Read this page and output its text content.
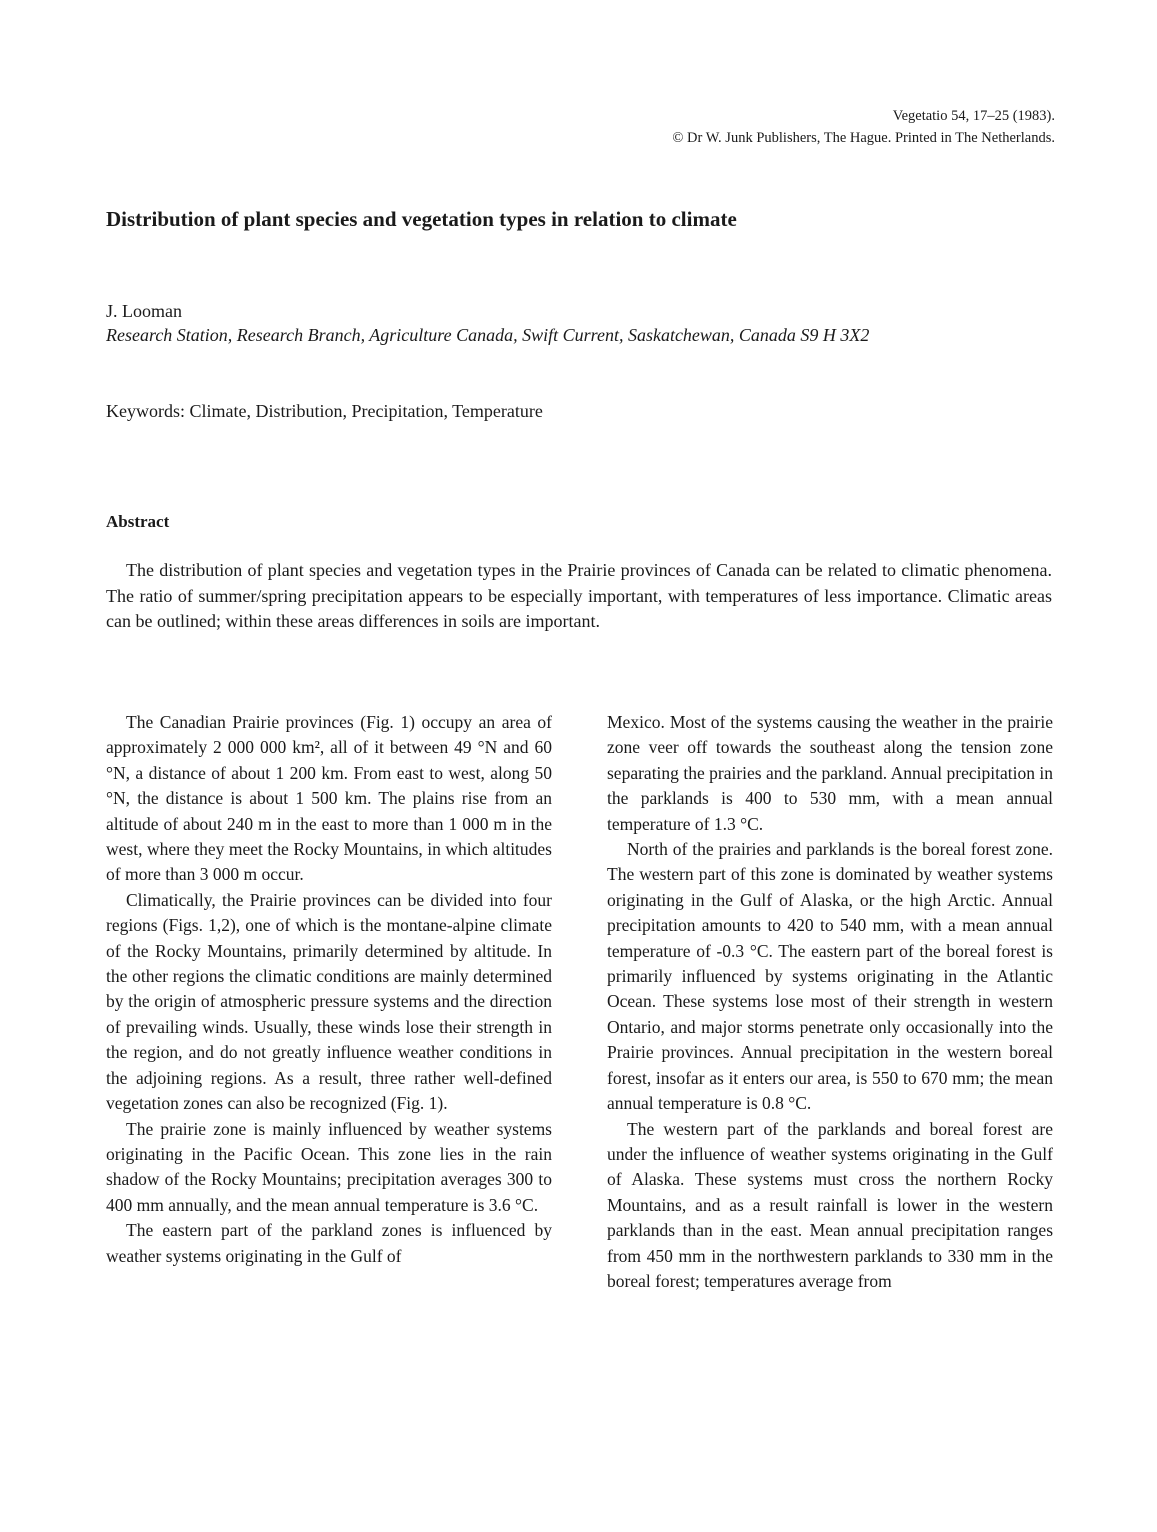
Vegetatio 54, 17–25 (1983).
© Dr W. Junk Publishers, The Hague. Printed in The Netherlands.
Distribution of plant species and vegetation types in relation to climate
J. Looman
Research Station, Research Branch, Agriculture Canada, Swift Current, Saskatchewan, Canada S9 H 3X2
Keywords: Climate, Distribution, Precipitation, Temperature
Abstract

The distribution of plant species and vegetation types in the Prairie provinces of Canada can be related to climatic phenomena. The ratio of summer/spring precipitation appears to be especially important, with temperatures of less importance. Climatic areas can be outlined; within these areas differences in soils are important.

The Canadian Prairie provinces (Fig. 1) occupy an area of approximately 2 000 000 km², all of it between 49 °N and 60 °N, a distance of about 1 200 km. From east to west, along 50 °N, the distance is about 1 500 km. The plains rise from an altitude of about 240 m in the east to more than 1 000 m in the west, where they meet the Rocky Mountains, in which altitudes of more than 3 000 m occur.

Climatically, the Prairie provinces can be divided into four regions (Figs. 1,2), one of which is the montane-alpine climate of the Rocky Mountains, primarily determined by altitude. In the other regions the climatic conditions are mainly determined by the origin of atmospheric pressure systems and the direction of prevailing winds. Usually, these winds lose their strength in the region, and do not greatly influence weather conditions in the adjoining regions. As a result, three rather well-defined vegetation zones can also be recognized (Fig. 1).

The prairie zone is mainly influenced by weather systems originating in the Pacific Ocean. This zone lies in the rain shadow of the Rocky Mountains; precipitation averages 300 to 400 mm annually, and the mean annual temperature is 3.6 °C.

The eastern part of the parkland zones is influenced by weather systems originating in the Gulf of

Mexico. Most of the systems causing the weather in the prairie zone veer off towards the southeast along the tension zone separating the prairies and the parkland. Annual precipitation in the parklands is 400 to 530 mm, with a mean annual temperature of 1.3 °C.

North of the prairies and parklands is the boreal forest zone. The western part of this zone is dominated by weather systems originating in the Gulf of Alaska, or the high Arctic. Annual precipitation amounts to 420 to 540 mm, with a mean annual temperature of -0.3 °C. The eastern part of the boreal forest is primarily influenced by systems originating in the Atlantic Ocean. These systems lose most of their strength in western Ontario, and major storms penetrate only occasionally into the Prairie provinces. Annual precipitation in the western boreal forest, insofar as it enters our area, is 550 to 670 mm; the mean annual temperature is 0.8 °C.

The western part of the parklands and boreal forest are under the influence of weather systems originating in the Gulf of Alaska. These systems must cross the northern Rocky Mountains, and as a result rainfall is lower in the western parklands than in the east. Mean annual precipitation ranges from 450 mm in the northwestern parklands to 330 mm in the boreal forest; temperatures average from
